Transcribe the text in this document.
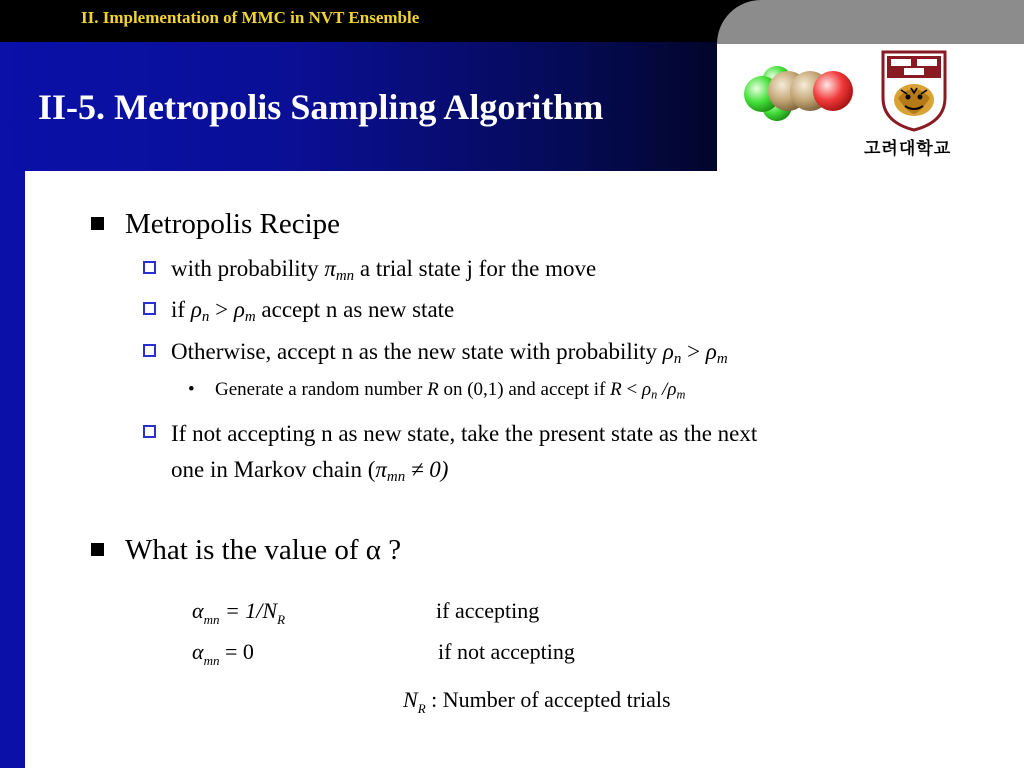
II. Implementation of MMC in NVT Ensemble
II-5. Metropolis Sampling Algorithm
고려대학교
Metropolis Recipe
with probability $\pi_{mn}$ a trial state j for the move
if $\rho_n > \rho_m$ accept n as new state
Otherwise, accept n as the new state with probability $\rho_n > \rho_m$
• Generate a random number R on (0,1) and accept if $R < \rho_n$ $/\rho_m$
If not accepting n as new state, take the present state as the next
one in Markov chain $(\pi_{mn} \ne 0)$
What is the value of α ?
$\alpha_{mn} = 1/N_R$	if accepting
$\alpha_{mn} = 0$	if not accepting
$N_R$ : Number of accepted trials
